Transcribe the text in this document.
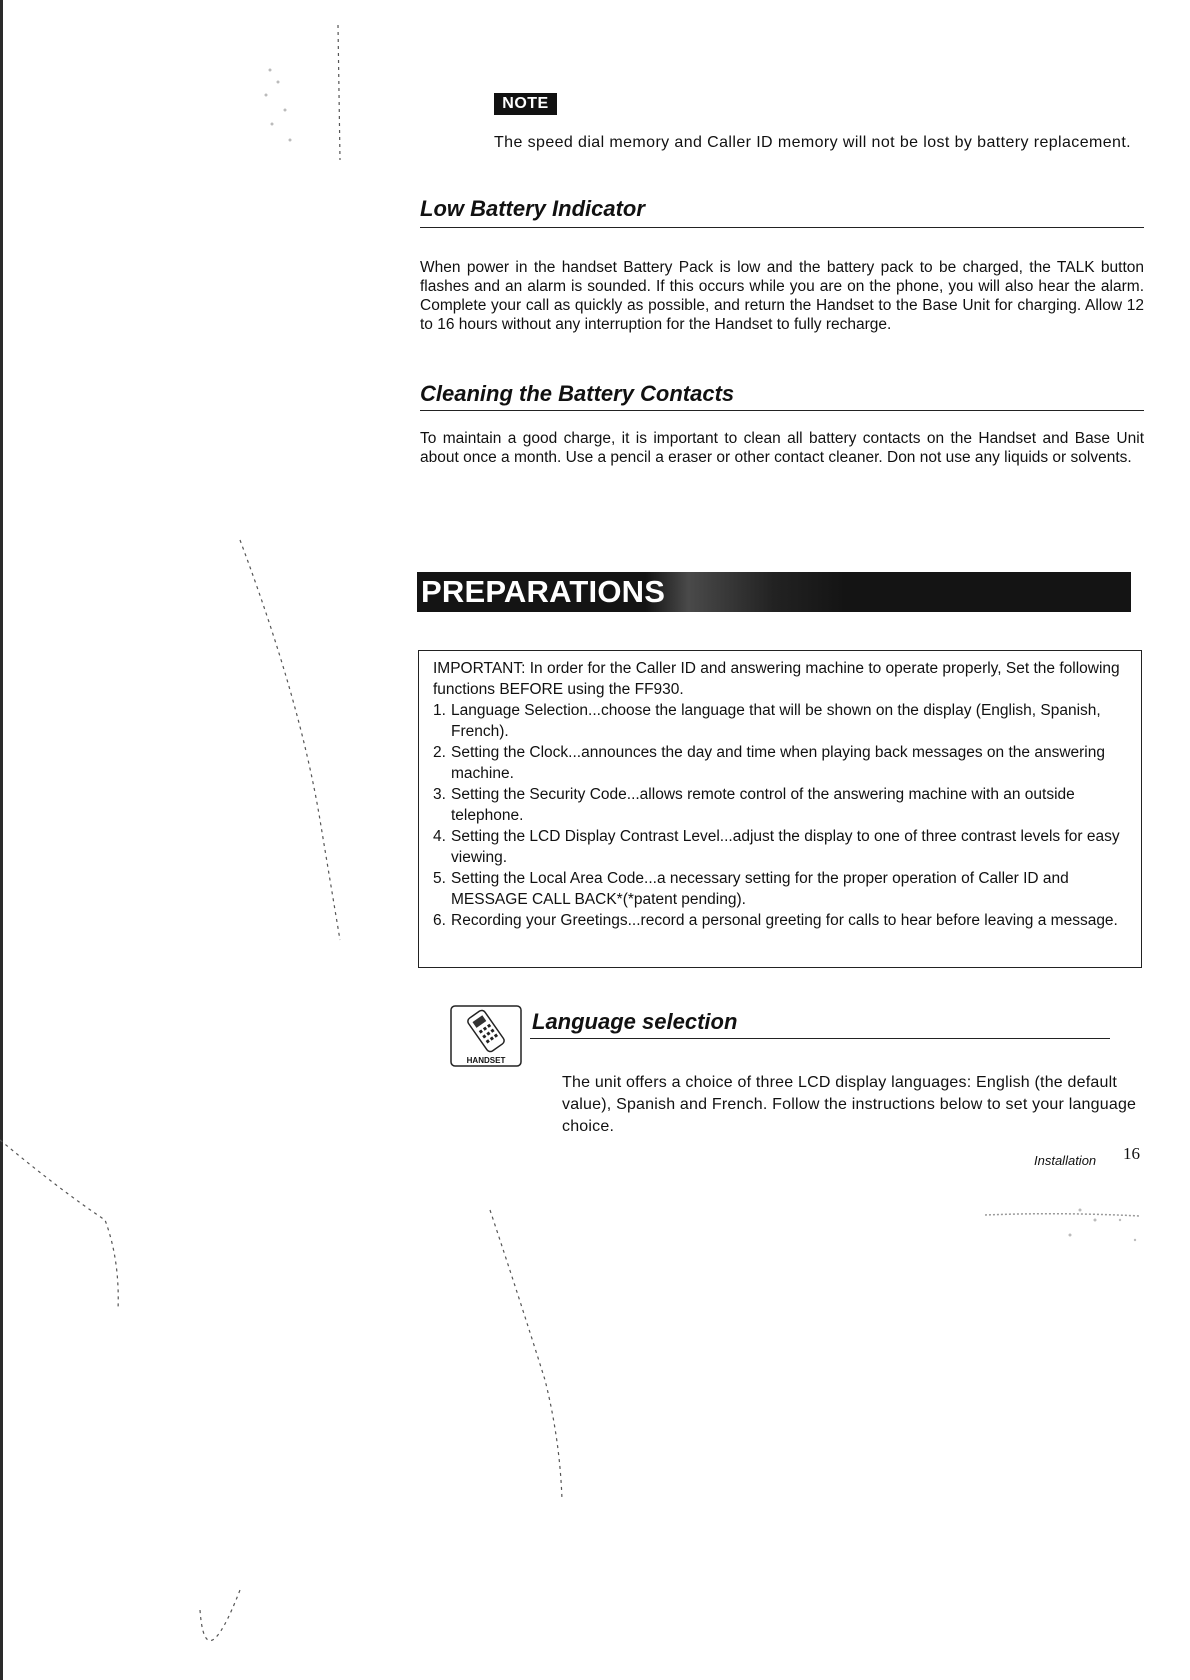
NOTE
The speed dial memory and Caller ID memory will not be lost by battery replacement.
Low Battery Indicator
When power in the handset Battery Pack is low and the battery pack to be charged, the TALK button flashes and an alarm is sounded. If this occurs while you are on the phone, you will also hear the alarm. Complete your call as quickly as possible, and return the Handset to the Base Unit for charging. Allow 12 to 16 hours without any interruption for the Handset to fully recharge.
Cleaning the Battery Contacts
To maintain a good charge, it is important to clean all battery contacts on the Handset and Base Unit about once a month. Use a pencil a eraser or other contact cleaner. Don not use any liquids or solvents.
PREPARATIONS
IMPORTANT: In order for the Caller ID and answering machine to operate properly, Set the following functions BEFORE using the FF930.
1. Language Selection...choose the language that will be shown on the display (English, Spanish, French).
2. Setting the Clock...announces the day and time when playing back messages on the answering machine.
3. Setting the Security Code...allows remote control of the answering machine with an outside telephone.
4. Setting the LCD Display Contrast Level...adjust the display to one of three contrast levels for easy viewing.
5. Setting the Local Area Code...a necessary setting for the proper operation of Caller ID and MESSAGE CALL BACK*(*patent pending).
6. Recording your Greetings...record a personal greeting for calls to hear before leaving a message.
HANDSET
Language selection
The unit offers a choice of three LCD display languages: English (the default value), Spanish and French. Follow the instructions below to set your language choice.
Installation 16
